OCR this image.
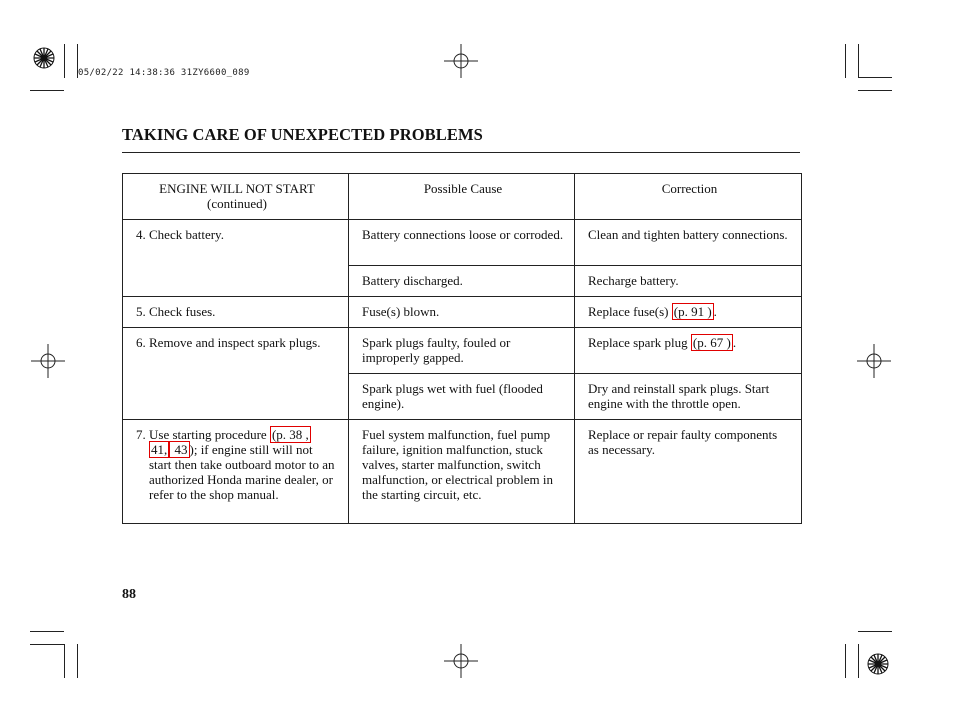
05/02/22 14:38:36 31ZY6600_089
TAKING CARE OF UNEXPECTED PROBLEMS
ENGINE WILL NOT START
(continued)	Possible Cause	Correction
4. Check battery.	Battery connections loose or corroded.	Clean and tighten battery connections.
	Battery discharged.	Recharge battery.
5. Check fuses.	Fuse(s) blown.	Replace fuse(s) (p. 91 ) .
6. Remove and inspect spark plugs.	Spark plugs faulty, fouled or improperly gapped.	Replace spark plug (p. 67 ) .
	Spark plugs wet with fuel (flooded engine).	Dry and reinstall spark plugs. Start engine with the throttle open.
7. Use starting procedure (p. 38 ,
41, 43 ); if engine still will not
start then take outboard motor to an authorized Honda marine dealer, or refer to the shop manual.	Fuel system malfunction, fuel pump failure, ignition malfunction, stuck valves, starter malfunction, switch malfunction, or electrical problem in the starting circuit, etc.	Replace or repair faulty components as necessary.
88
